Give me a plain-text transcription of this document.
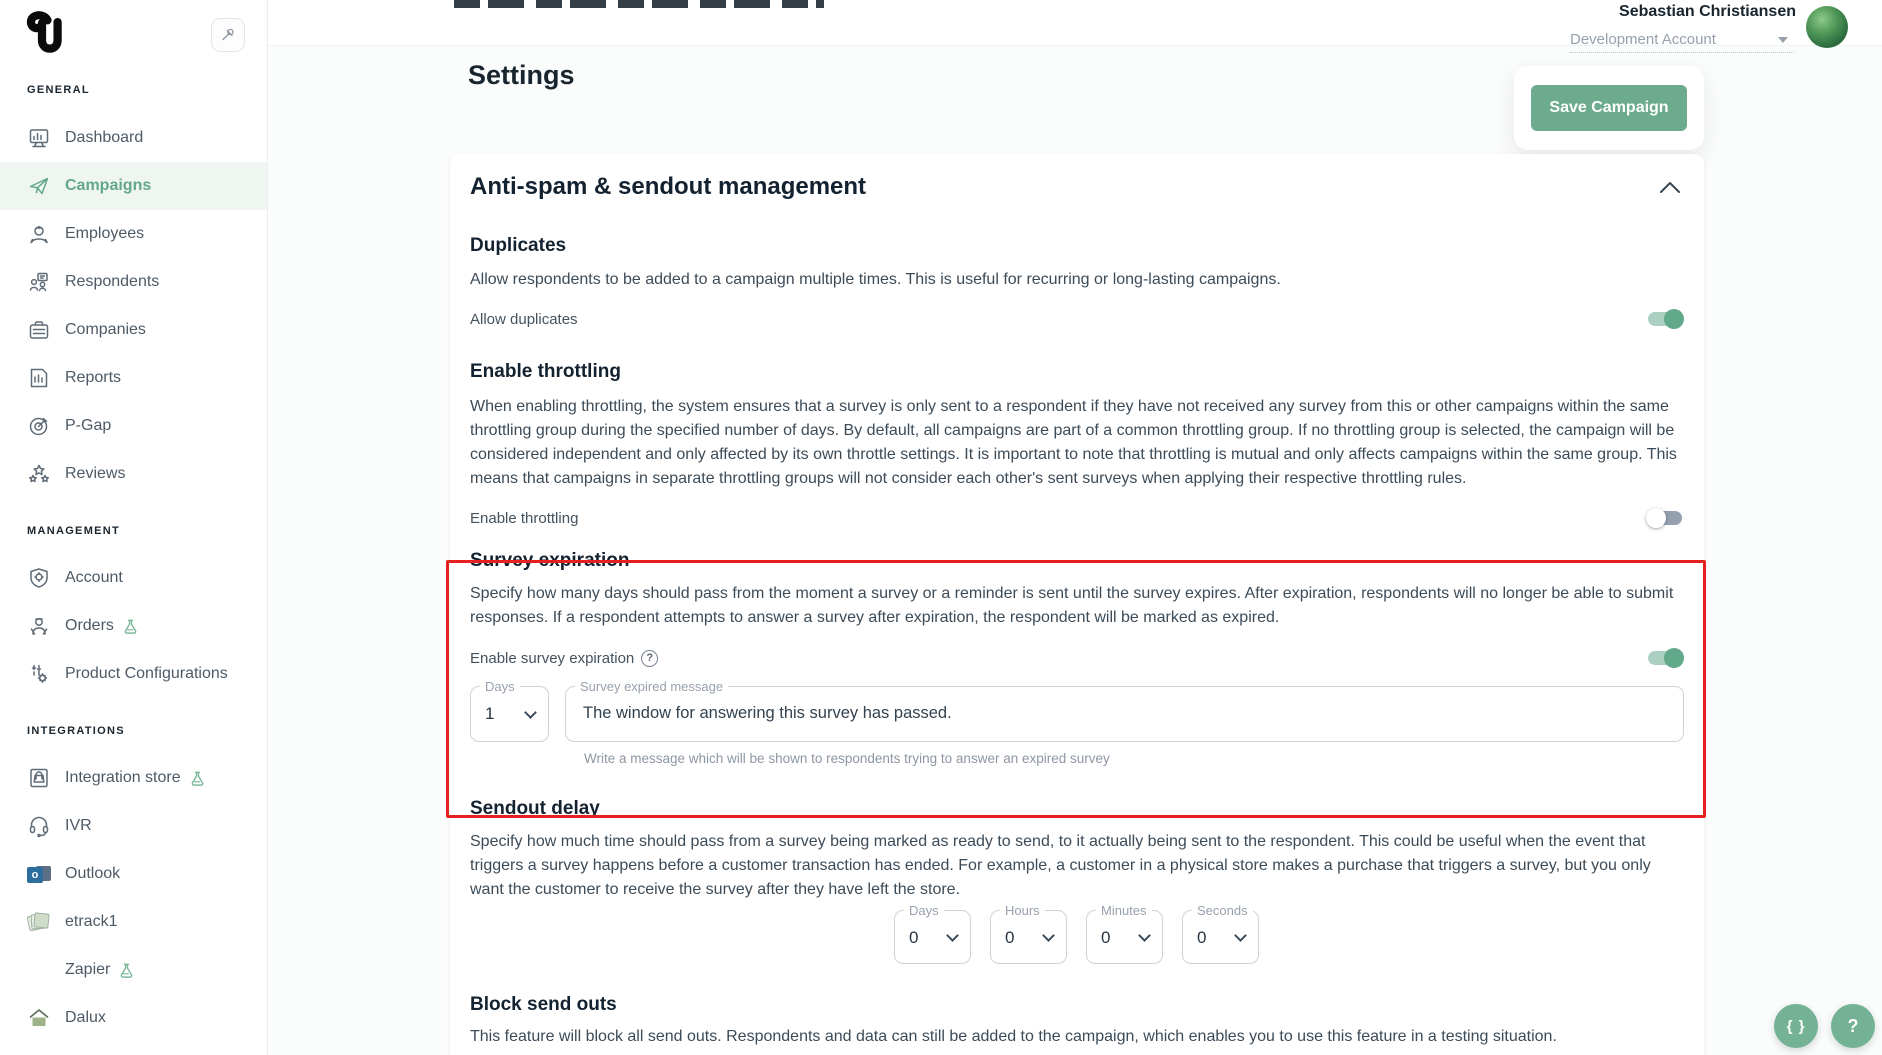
GENERAL
Dashboard
Campaigns
Employees
Respondents
Companies
Reports
P-Gap
Reviews
MANAGEMENT
Account
Orders
Product Configurations
INTEGRATIONS
Integration store
IVR
o Outlook
etrack1
Zapier
Dalux
Sebastian Christiansen
Development Account
Save Campaign
Settings
Anti-spam & sendout management
Duplicates

Allow respondents to be added to a campaign multiple times. This is useful for recurring or long-lasting campaigns.

Allow duplicates
Enable throttling

When enabling throttling, the system ensures that a survey is only sent to a respondent if they have not received any survey from this or other campaigns within the same throttling group during the specified number of days. By default, all campaigns are part of a common throttling group. If no throttling group is selected, the campaign will be considered independent and only affected by its own throttle settings. It is important to note that throttling is mutual and only affects campaigns within the same group. This means that campaigns in separate throttling groups will not consider each other's sent surveys when applying their respective throttling rules.

Enable throttling
Survey expiration

Specify how many days should pass from the moment a survey or a reminder is sent until the survey expires. After expiration, respondents will no longer be able to submit responses. If a respondent attempts to answer a survey after expiration, the respondent will be marked as expired.

Enable survey expiration	?
Days
1
Survey expired message
The window for answering this survey has passed.
Write a message which will be shown to respondents trying to answer an expired survey
Sendout delay

Specify how much time should pass from a survey being marked as ready to send, to it actually being sent to the respondent. This could be useful when the event that triggers a survey happens before a customer transaction has ended. For example, a customer in a physical store makes a purchase that triggers a survey, but you only want the customer to receive the survey after they have left the store.

Days
0
Hours
0
Minutes
0
Seconds
0
Block send outs

This feature will block all send outs. Respondents and data can still be added to the campaign, which enables you to use this feature in a testing situation.

{ }	?
